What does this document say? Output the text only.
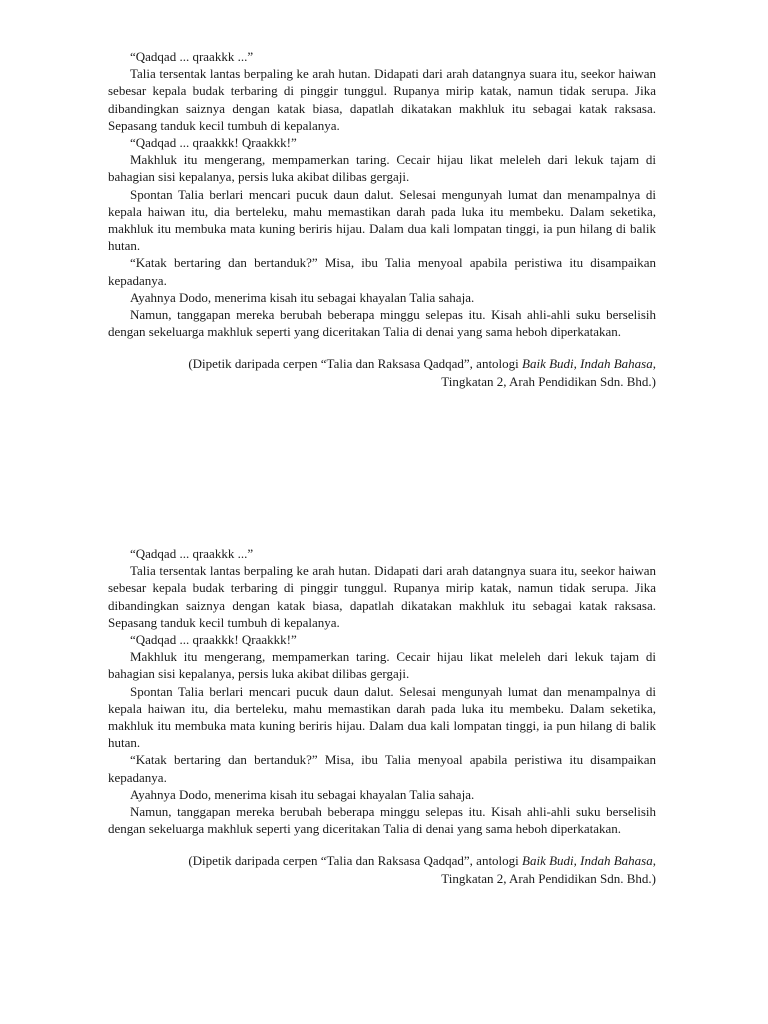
“Qadqad ... qraakkk ...”

Talia tersentak lantas berpaling ke arah hutan. Didapati dari arah datangnya suara itu, seekor haiwan sebesar kepala budak terbaring di pinggir tunggul. Rupanya mirip katak, namun tidak serupa. Jika dibandingkan saiznya dengan katak biasa, dapatlah dikatakan makhluk itu sebagai katak raksasa. Sepasang tanduk kecil tumbuh di kepalanya.

“Qadqad ... qraakkk! Qraakkk!”

Makhluk itu mengerang, mempamerkan taring. Cecair hijau likat meleleh dari lekuk tajam di bahagian sisi kepalanya, persis luka akibat dilibas gergaji.

Spontan Talia berlari mencari pucuk daun dalut. Selesai mengunyah lumat dan menampalnya di kepala haiwan itu, dia berteleku, mahu memastikan darah pada luka itu membeku. Dalam seketika, makhluk itu membuka mata kuning beriris hijau. Dalam dua kali lompatan tinggi, ia pun hilang di balik hutan.

“Katak bertaring dan bertanduk?” Misa, ibu Talia menyoal apabila peristiwa itu disampaikan kepadanya.

Ayahnya Dodo, menerima kisah itu sebagai khayalan Talia sahaja.

Namun, tanggapan mereka berubah beberapa minggu selepas itu. Kisah ahli-ahli suku berselisih dengan sekeluarga makhluk seperti yang diceritakan Talia di denai yang sama heboh diperkatakan.

(Dipetik daripada cerpen “Talia dan Raksasa Qadqad”, antologi Baik Budi, Indah Bahasa,
Tingkatan 2, Arah Pendidikan Sdn. Bhd.)

“Qadqad ... qraakkk ...”

Talia tersentak lantas berpaling ke arah hutan. Didapati dari arah datangnya suara itu, seekor haiwan sebesar kepala budak terbaring di pinggir tunggul. Rupanya mirip katak, namun tidak serupa. Jika dibandingkan saiznya dengan katak biasa, dapatlah dikatakan makhluk itu sebagai katak raksasa. Sepasang tanduk kecil tumbuh di kepalanya.

“Qadqad ... qraakkk! Qraakkk!”

Makhluk itu mengerang, mempamerkan taring. Cecair hijau likat meleleh dari lekuk tajam di bahagian sisi kepalanya, persis luka akibat dilibas gergaji.

Spontan Talia berlari mencari pucuk daun dalut. Selesai mengunyah lumat dan menampalnya di kepala haiwan itu, dia berteleku, mahu memastikan darah pada luka itu membeku. Dalam seketika, makhluk itu membuka mata kuning beriris hijau. Dalam dua kali lompatan tinggi, ia pun hilang di balik hutan.

“Katak bertaring dan bertanduk?” Misa, ibu Talia menyoal apabila peristiwa itu disampaikan kepadanya.

Ayahnya Dodo, menerima kisah itu sebagai khayalan Talia sahaja.

Namun, tanggapan mereka berubah beberapa minggu selepas itu. Kisah ahli-ahli suku berselisih dengan sekeluarga makhluk seperti yang diceritakan Talia di denai yang sama heboh diperkatakan.

(Dipetik daripada cerpen “Talia dan Raksasa Qadqad”, antologi Baik Budi, Indah Bahasa,
Tingkatan 2, Arah Pendidikan Sdn. Bhd.)
